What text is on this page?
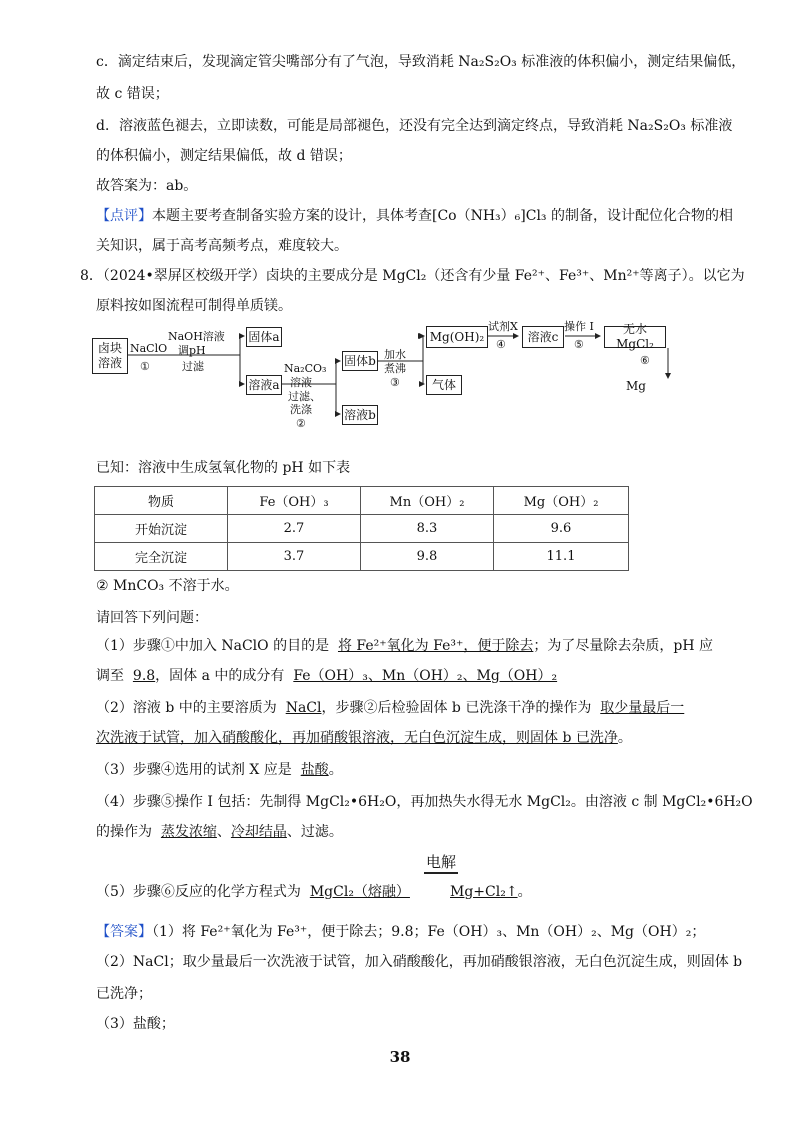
c．滴定结束后，发现滴定管尖嘴部分有了气泡，导致消耗 Na₂S₂O₃ 标准液的体积偏小，测定结果偏低，
故 c 错误；
d．溶液蓝色褪去，立即读数，可能是局部褪色，还没有完全达到滴定终点，导致消耗 Na₂S₂O₃ 标准液
的体积偏小，测定结果偏低，故 d 错误；
故答案为：ab。
【点评】本题主要考查制备实验方案的设计，具体考查[Co（NH₃）₆]Cl₃ 的制备，设计配位化合物的相
关知识，属于高考高频考点，难度较大。
8．（2024•翠屏区校级开学）卤块的主要成分是 MgCl₂（还含有少量 Fe²⁺、Fe³⁺、Mn²⁺等离子）。以它为
原料按如图流程可制得单质镁。
卤块
溶液
NaClO
①
NaOH溶液
调pH
过滤
固体a
溶液a
Na₂CO₃
溶液
过滤、
洗涤
②
固体b
溶液b
加水
煮沸
③
Mg(OH)₂
气体
试剂X
④
溶液c
操作 I
⑤
无水MgCl₂
⑥
Mg
已知：溶液中生成氢氧化物的 pH 如下表
物质	Fe（OH）₃	Mn（OH）₂	Mg（OH）₂
开始沉淀	2.7	8.3	9.6
完全沉淀	3.7	9.8	11.1
② MnCO₃ 不溶于水。
请回答下列问题：
（1）步骤①中加入 NaClO 的目的是 将 Fe²⁺氧化为 Fe³⁺，便于除去；为了尽量除去杂质，pH 应
调至 9.8，固体 a 中的成分有 Fe（OH）₃、Mn（OH）₂、Mg（OH）₂
（2）溶液 b 中的主要溶质为 NaCl，步骤②后检验固体 b 已洗涤干净的操作为 取少量最后一
次洗液于试管，加入硝酸酸化，再加硝酸银溶液，无白色沉淀生成，则固体 b 已洗净。
（3）步骤④选用的试剂 X 应是 盐酸。
（4）步骤⑤操作 I 包括：先制得 MgCl₂•6H₂O，再加热失水得无水 MgCl₂。由溶液 c 制 MgCl₂•6H₂O
的操作为 蒸发浓缩、冷却结晶、过滤。
电解
（5）步骤⑥反应的化学方程式为 MgCl₂（熔融）	Mg+Cl₂↑。
【答案】（1）将 Fe²⁺氧化为 Fe³⁺，便于除去；9.8；Fe（OH）₃、Mn（OH）₂、Mg（OH）₂；
（2）NaCl；取少量最后一次洗液于试管，加入硝酸酸化，再加硝酸银溶液，无白色沉淀生成，则固体 b
已洗净；
（3）盐酸；
38
